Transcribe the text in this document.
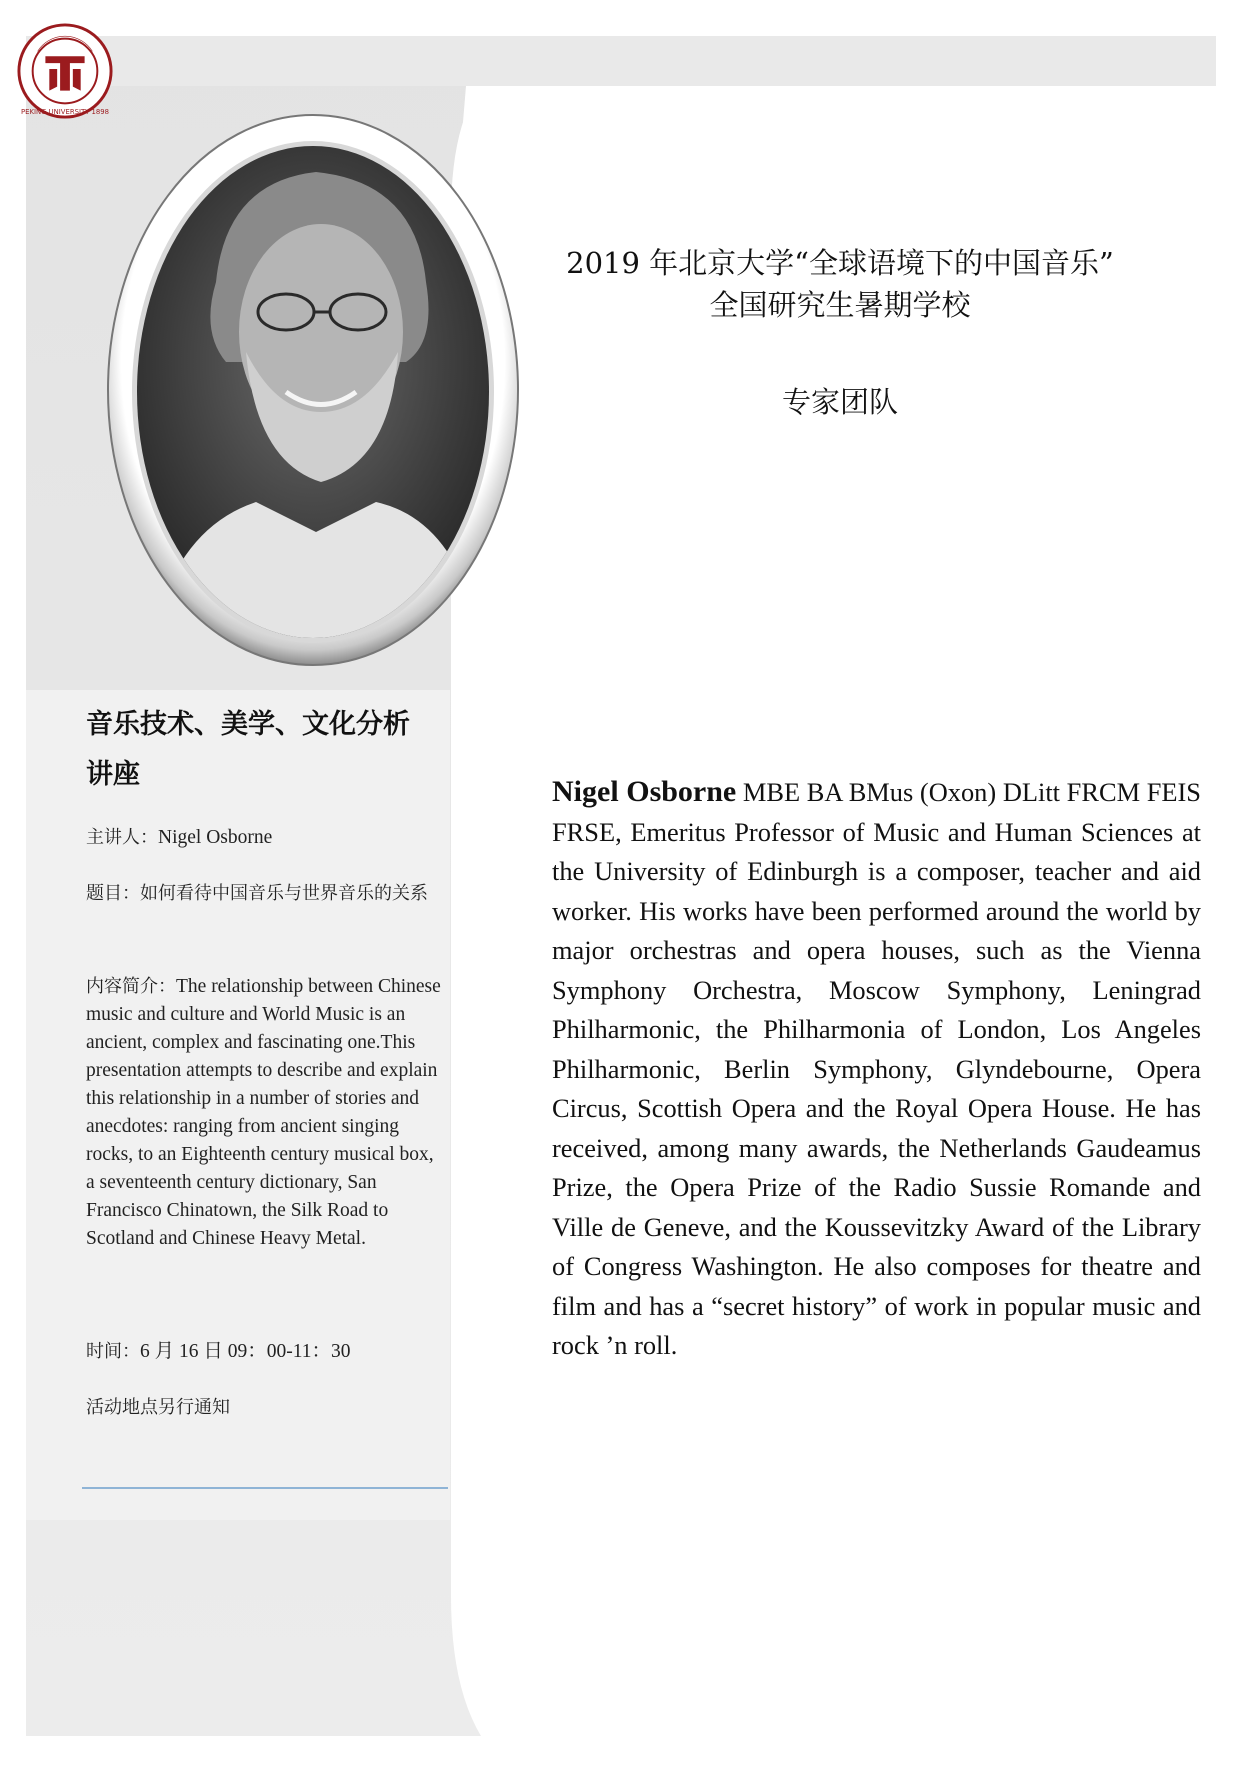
PEKING UNIVERSITY 1898
音乐技术、美学、文化分析
讲座
主讲人：Nigel Osborne
题目：如何看待中国音乐与世界音乐的关系
内容简介：The relationship between Chinese music and culture and World Music is an ancient, complex and fascinating one.This presentation attempts to describe and explain this relationship in a number of stories and anecdotes: ranging from ancient singing rocks, to an Eighteenth century musical box, a seventeenth century dictionary, San Francisco Chinatown, the Silk Road to Scotland and Chinese Heavy Metal.
时间：6 月 16 日 09：00-11：30
活动地点另行通知
2019 年北京大学“全球语境下的中国音乐”
全国研究生暑期学校
专家团队

Nigel Osborne MBE BA BMus (Oxon) DLitt FRCM FEIS FRSE, Emeritus Professor of Music and Human Sciences at the University of Edinburgh is a composer, teacher and aid worker. His works have been performed around the world by major orchestras and opera houses, such as the Vienna Symphony Orchestra, Moscow Symphony, Leningrad Philharmonic, the Philharmonia of London, Los Angeles Philharmonic, Berlin Symphony, Glyndebourne, Opera Circus, Scottish Opera and the Royal Opera House. He has received, among many awards, the Netherlands Gaudeamus Prize, the Opera Prize of the Radio Sussie Romande and Ville de Geneve, and the Koussevitzky Award of the Library of Congress Washington. He also composes for theatre and film and has a “secret history” of work in popular music and rock ’n roll.
